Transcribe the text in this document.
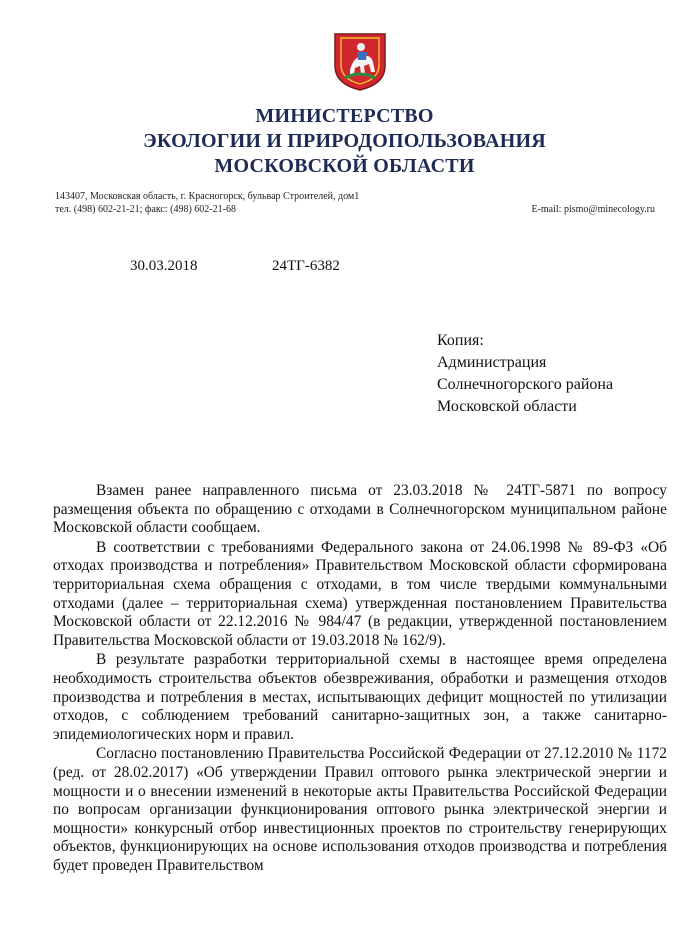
МИНИСТЕРСТВО
ЭКОЛОГИИ И ПРИРОДОПОЛЬЗОВАНИЯ
МОСКОВСКОЙ ОБЛАСТИ
143407, Московская область, г. Красногорск, бульвар Строителей, дом1
тел. (498) 602-21-21; факс: (498) 602-21-68	E-mail: pismo@minecology.ru
30.03.2018	24ТГ-6382
Копия:
Администрация
Солнечногорского района
Московской области

Взамен ранее направленного письма от 23.03.2018 № 24ТГ-5871 по вопросу размещения объекта по обращению с отходами в Солнечногорском муниципальном районе Московской области сообщаем.

В соответствии с требованиями Федерального закона от 24.06.1998 № 89-ФЗ «Об отходах производства и потребления» Правительством Московской области сформирована территориальная схема обращения с отходами, в том числе твердыми коммунальными отходами (далее – территориальная схема) утвержденная постановлением Правительства Московской области от 22.12.2016 № 984/47 (в редакции, утвержденной постановлением Правительства Московской области от 19.03.2018 № 162/9).

В результате разработки территориальной схемы в настоящее время определена необходимость строительства объектов обезвреживания, обработки и размещения отходов производства и потребления в местах, испытывающих дефицит мощностей по утилизации отходов, с соблюдением требований санитарно-защитных зон, а также санитарно-эпидемиологических норм и правил.

Согласно постановлению Правительства Российской Федерации от 27.12.2010 № 1172 (ред. от 28.02.2017) «Об утверждении Правил оптового рынка электрической энергии и мощности и о внесении изменений в некоторые акты Правительства Российской Федерации по вопросам организации функционирования оптового рынка электрической энергии и мощности» конкурсный отбор инвестиционных проектов по строительству генерирующих объектов, функционирующих на основе использования отходов производства и потребления будет проведен Правительством
